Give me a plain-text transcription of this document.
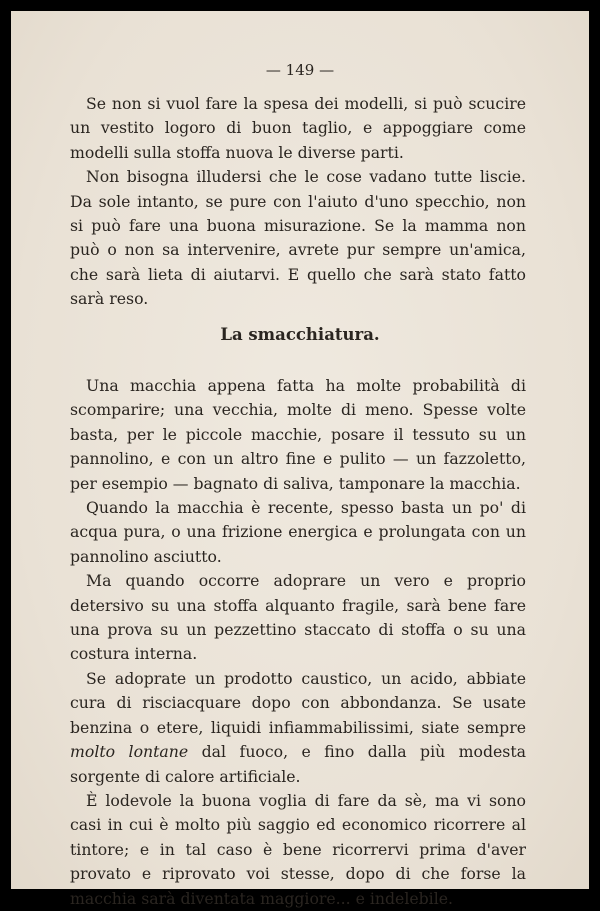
— 149 —

Se non si vuol fare la spesa dei modelli, si può scucire un vestito logoro di buon taglio, e appoggiare come modelli sulla stoffa nuova le diverse parti.

Non bisogna illudersi che le cose vadano tutte liscie. Da sole intanto, se pure con l'aiuto d'uno specchio, non si può fare una buona misurazione. Se la mamma non può o non sa intervenire, avrete pur sempre un'amica, che sarà lieta di aiutarvi. E quello che sarà stato fatto sarà reso.

La smacchiatura.

Una macchia appena fatta ha molte probabilità di scomparire; una vecchia, molte di meno. Spesse volte basta, per le piccole macchie, posare il tessuto su un pannolino, e con un altro fine e pulito — un fazzoletto, per esempio — bagnato di saliva, tamponare la macchia.

Quando la macchia è recente, spesso basta un po' di acqua pura, o una frizione energica e prolungata con un pannolino asciutto.

Ma quando occorre adoprare un vero e proprio detersivo su una stoffa alquanto fragile, sarà bene fare una prova su un pezzettino staccato di stoffa o su una costura interna.

Se adoprate un prodotto caustico, un acido, abbiate cura di risciacquare dopo con abbondanza. Se usate benzina o etere, liquidi infiammabilissimi, siate sempre molto lontane dal fuoco, e fino dalla più modesta sorgente di calore artificiale.

È lodevole la buona voglia di fare da sè, ma vi sono casi in cui è molto più saggio ed economico ricorrere al tintore; e in tal caso è bene ricorrervi prima d'aver provato e riprovato voi stesse, dopo di che forse la macchia sarà diventata maggiore... e indelebile.
